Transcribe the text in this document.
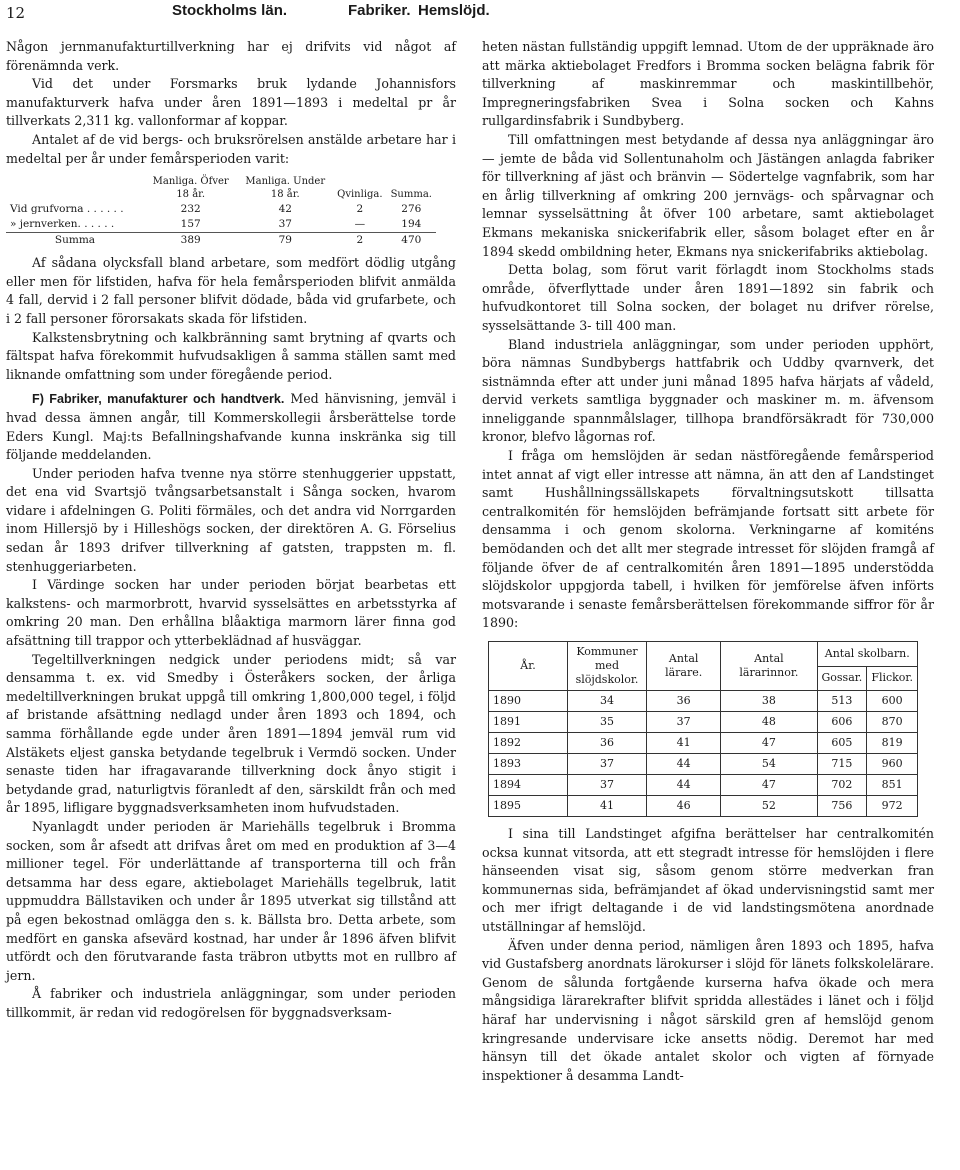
12	Stockholms län.	Fabriker. Hemslöjd.

Någon jernmanufakturtillverkning har ej drifvits vid något af förenämnda verk.

Vid det under Forsmarks bruk lydande Johannisfors manufakturverk hafva under åren 1891—1893 i medeltal pr år tillverkats 2,311 kg. vallonformar af koppar.

Antalet af de vid bergs- och bruksrörelsen anstälde arbetare har i medeltal per år under femårsperioden varit:

	Manliga. Öfver 18 år.	Manliga. Under 18 år.	Qvinliga.	Summa.
Vid grufvorna . . . . . .	232	42	2	276
» jernverken. . . . . .	157	37	—	194
Summa	389	79	2	470

Af sådana olycksfall bland arbetare, som medfört dödlig utgång eller men för lifstiden, hafva för hela femårsperioden blifvit anmälda 4 fall, dervid i 2 fall personer blifvit dödade, båda vid grufarbete, och i 2 fall personer förorsakats skada för lifstiden.

Kalkstensbrytning och kalkbränning samt brytning af qvarts och fältspat hafva förekommit hufvudsakligen å samma ställen samt med liknande omfattning som under föregående period.

F) Fabriker, manufakturer och handtverk. Med hänvisning, jemväl i hvad dessa ämnen angår, till Kommerskollegii årsberättelse torde Eders Kungl. Maj:ts Befallningshafvande kunna inskränka sig till följande meddelanden.

Under perioden hafva tvenne nya större stenhuggerier uppstatt, det ena vid Svartsjö tvångsarbetsanstalt i Sånga socken, hvarom vidare i afdelningen G. Politi förmäles, och det andra vid Norrgarden inom Hillersjö by i Hilleshögs socken, der direktören A. G. Förselius sedan år 1893 drifver tillverkning af gatsten, trappsten m. fl. stenhuggeriarbeten.

I Värdinge socken har under perioden börjat bearbetas ett kalkstens- och marmorbrott, hvarvid sysselsättes en arbetsstyrka af omkring 20 man. Den erhållna blåaktiga marmorn lärer finna god afsättning till trappor och ytterbeklädnad af husväggar.

Tegeltillverkningen nedgick under periodens midt; så var densamma t. ex. vid Smedby i Österåkers socken, der årliga medeltillverkningen brukat uppgå till omkring 1,800,000 tegel, i följd af bristande afsättning nedlagd under åren 1893 och 1894, och samma förhållande egde under åren 1891—1894 jemväl rum vid Alstäkets eljest ganska betydande tegelbruk i Vermdö socken. Under senaste tiden har ifragavarande tillverkning dock ånyo stigit i betydande grad, naturligtvis föranledt af den, särskildt från och med år 1895, lifligare byggnadsverksamheten inom hufvudstaden.

Nyanlagdt under perioden är Mariehälls tegelbruk i Bromma socken, som år afsedt att drifvas året om med en produktion af 3—4 millioner tegel. För underlättande af transporterna till och från detsamma har dess egare, aktiebolaget Mariehälls tegelbruk, latit uppmuddra Bällstaviken och under år 1895 utverkat sig tillstånd att på egen bekostnad omlägga den s. k. Bällsta bro. Detta arbete, som medfört en ganska afsevärd kostnad, har under år 1896 äfven blifvit utfördt och den förutvarande fasta träbron utbytts mot en rullbro af jern.

Å fabriker och industriela anläggningar, som under perioden tillkommit, är redan vid redogörelsen för byggnadsverksam-

heten nästan fullständig uppgift lemnad. Utom de der uppräknade äro att märka aktiebolaget Fredfors i Bromma socken belägna fabrik för tillverkning af maskinremmar och maskintillbehör, Impregneringsfabriken Svea i Solna socken och Kahns rullgardinsfabrik i Sundbyberg.

Till omfattningen mest betydande af dessa nya anläggningar äro — jemte de båda vid Sollentunaholm och Jästängen anlagda fabriker för tillverkning af jäst och bränvin — Södertelge vagnfabrik, som har en årlig tillverkning af omkring 200 jernvägs- och spårvagnar och lemnar sysselsättning åt öfver 100 arbetare, samt aktiebolaget Ekmans mekaniska snickerifabrik eller, såsom bolaget efter en år 1894 skedd ombildning heter, Ekmans nya snickerifabriks aktiebolag.

Detta bolag, som förut varit förlagdt inom Stockholms stads område, öfverflyttade under åren 1891—1892 sin fabrik och hufvudkontoret till Solna socken, der bolaget nu drifver rörelse, sysselsättande 3- till 400 man.

Bland industriela anläggningar, som under perioden upphört, böra nämnas Sundbybergs hattfabrik och Uddby qvarnverk, det sistnämnda efter att under juni månad 1895 hafva härjats af vådeld, dervid verkets samtliga byggnader och maskiner m. m. äfvensom inneliggande spannmålslager, tillhopa brandförsäkradt för 730,000 kronor, blefvo lågornas rof.

I fråga om hemslöjden är sedan nästföregående femårsperiod intet annat af vigt eller intresse att nämna, än att den af Landstinget samt Hushållningssällskapets förvaltningsutskott tillsatta centralkomitén för hemslöjden befrämjande fortsatt sitt arbete för densamma i och genom skolorna. Verkningarne af komiténs bemödanden och det allt mer stegrade intresset för slöjden framgå af följande öfver de af centralkomitén åren 1891—1895 understödda slöjdskolor uppgjorda tabell, i hvilken för jemförelse äfven införts motsvarande i senaste femårsberättelsen förekommande siffror för år 1890:

År.	Kommuner med slöjdskolor.	Antal lärare.	Antal lärarinnor.	Antal skolbarn.	
				Gossar.	Flickor.
1890	34	36	38	513	600
1891	35	37	48	606	870
1892	36	41	47	605	819
1893	37	44	54	715	960
1894	37	44	47	702	851
1895	41	46	52	756	972

I sina till Landstinget afgifna berättelser har centralkomitén ocksa kunnat vitsorda, att ett stegradt intresse för hemslöjden i flere hänseenden visat sig, såsom genom större medverkan fran kommunernas sida, befrämjandet af ökad undervisningstid samt mer och mer ifrigt deltagande i de vid landstingsmötena anordnade utställningar af hemslöjd.

Äfven under denna period, nämligen åren 1893 och 1895, hafva vid Gustafsberg anordnats lärokurser i slöjd för länets folkskolelärare. Genom de sålunda fortgående kurserna hafva ökade och mera mångsidiga lärarekrafter blifvit spridda allestädes i länet och i följd häraf har undervisning i något särskild gren af hemslöjd genom kringresande undervisare icke ansetts nödig. Deremot har med hänsyn till det ökade antalet skolor och vigten af förnyade inspektioner å desamma Landt-
